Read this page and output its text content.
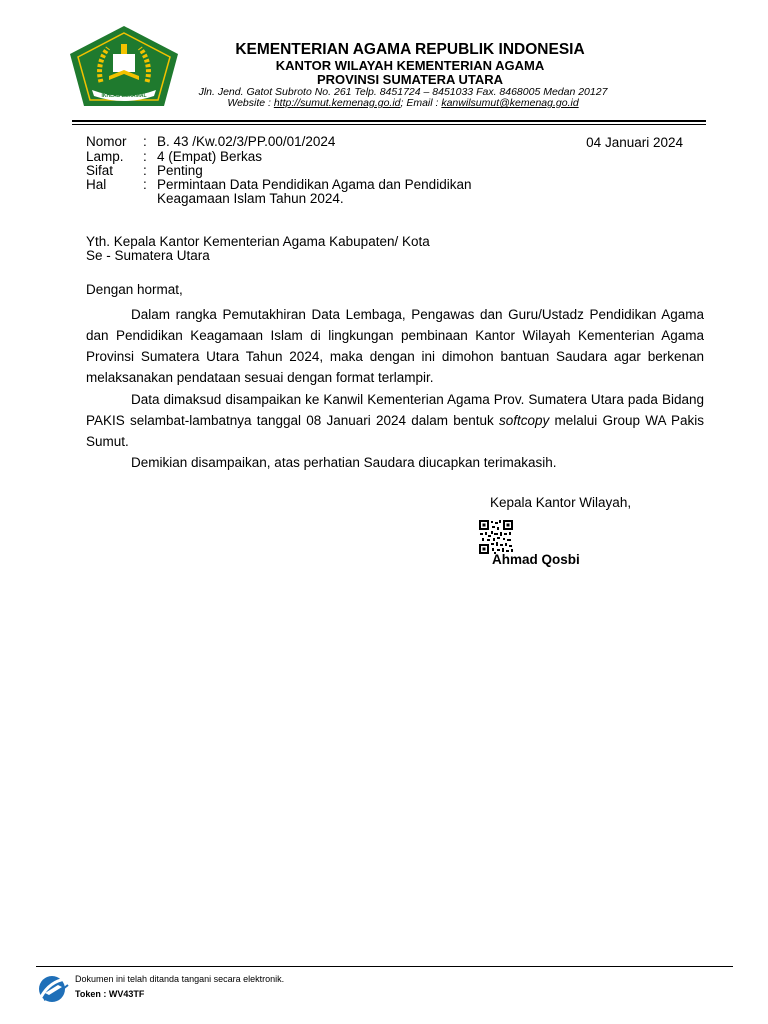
IKHLAS BERAMAL
KEMENTERIAN AGAMA REPUBLIK INDONESIA
KANTOR WILAYAH KEMENTERIAN AGAMA
PROVINSI SUMATERA UTARA
Jln. Jend. Gatot Subroto No. 261 Telp. 8451724 – 8451033 Fax. 8468005 Medan 20127
Website : http://sumut.kemenag.go.id; Email : kanwilsumut@kemenag.go.id
Nomor : B. 43 /Kw.02/3/PP.00/01/2024
Lamp. : 4 (Empat) Berkas
Sifat : Penting
Hal	: Permintaan Data Pendidikan Agama dan Pendidikan
Keagamaan Islam Tahun 2024.
04 Januari 2024
Yth. Kepala Kantor Kementerian Agama Kabupaten/ Kota
Se - Sumatera Utara
Dengan hormat,
Dalam rangka Pemutakhiran Data Lembaga, Pengawas dan Guru/Ustadz Pendidikan Agama dan Pendidikan Keagamaan Islam di lingkungan pembinaan Kantor Wilayah Kementerian Agama Provinsi Sumatera Utara Tahun 2024, maka dengan ini dimohon bantuan Saudara agar berkenan melaksanakan pendataan sesuai dengan format terlampir.
Data dimaksud disampaikan ke Kanwil Kementerian Agama Prov. Sumatera Utara pada Bidang PAKIS selambat-lambatnya tanggal 08 Januari 2024 dalam bentuk softcopy melalui Group WA Pakis Sumut.
Demikian disampaikan, atas perhatian Saudara diucapkan terimakasih.
Kepala Kantor Wilayah,
Ahmad Qosbi
Dokumen ini telah ditanda tangani secara elektronik.
Token : WV43TF
